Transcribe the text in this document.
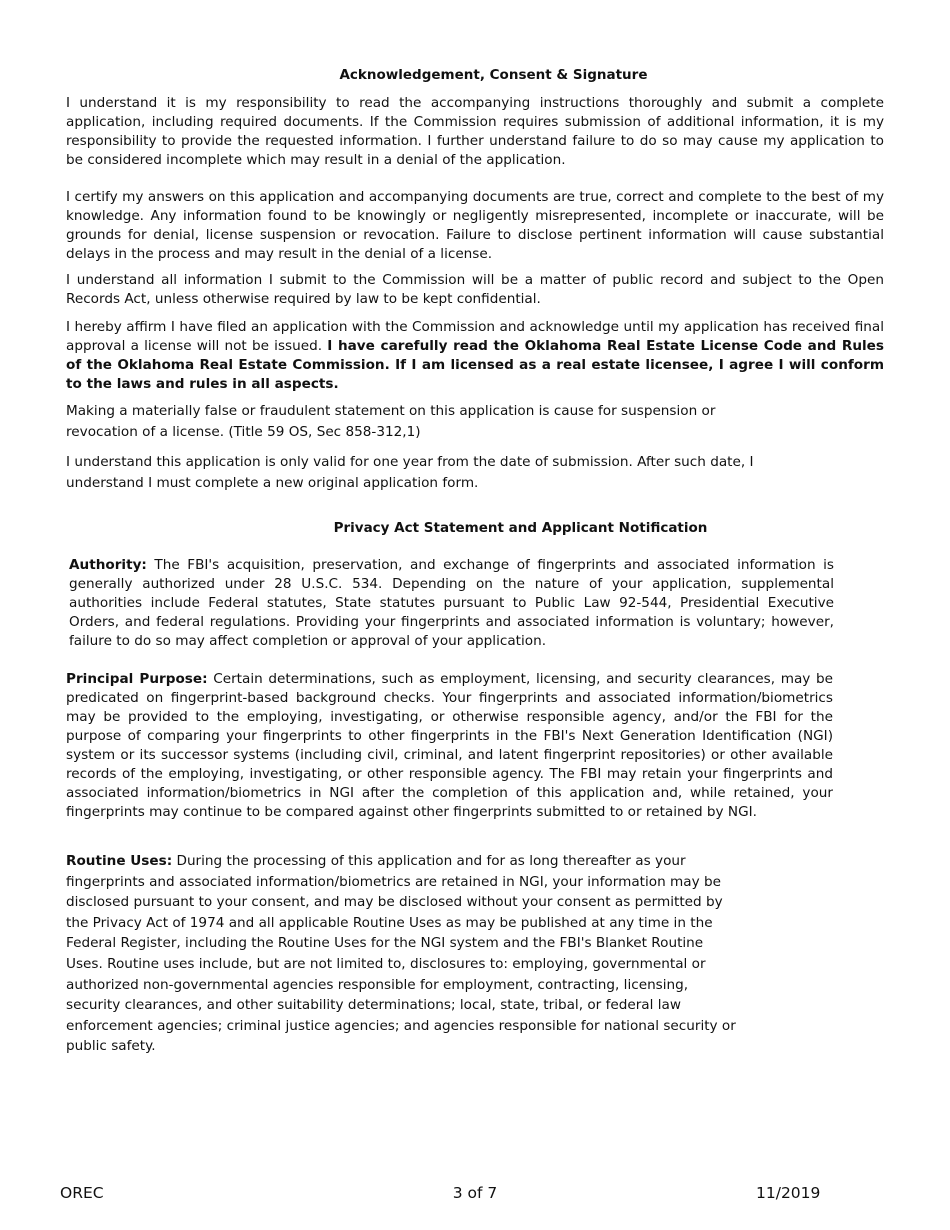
Acknowledgement, Consent & Signature
I understand it is my responsibility to read the accompanying instructions thoroughly and submit a complete application, including required documents. If the Commission requires submission of additional information, it is my responsibility to provide the requested information. I further understand failure to do so may cause my application to be considered incomplete which may result in a denial of the application.
I certify my answers on this application and accompanying documents are true, correct and complete to the best of my knowledge. Any information found to be knowingly or negligently misrepresented, incomplete or inaccurate, will be grounds for denial, license suspension or revocation. Failure to disclose pertinent information will cause substantial delays in the process and may result in the denial of a license.
I understand all information I submit to the Commission will be a matter of public record and subject to the Open Records Act, unless otherwise required by law to be kept confidential.
I hereby affirm I have filed an application with the Commission and acknowledge until my application has received final approval a license will not be issued. I have carefully read the Oklahoma Real Estate License Code and Rules of the Oklahoma Real Estate Commission. If I am licensed as a real estate licensee, I agree I will conform to the laws and rules in all aspects.
Making a materially false or fraudulent statement on this application is cause for suspension or
revocation of a license. (Title 59 OS, Sec 858-312,1)
I understand this application is only valid for one year from the date of submission. After such date, I
understand I must complete a new original application form.
Privacy Act Statement and Applicant Notification
Authority: The FBI's acquisition, preservation, and exchange of fingerprints and associated information is generally authorized under 28 U.S.C. 534. Depending on the nature of your application, supplemental authorities include Federal statutes, State statutes pursuant to Public Law 92-544, Presidential Executive Orders, and federal regulations. Providing your fingerprints and associated information is voluntary; however, failure to do so may affect completion or approval of your application.
Principal Purpose: Certain determinations, such as employment, licensing, and security clearances, may be predicated on fingerprint-based background checks. Your fingerprints and associated information/biometrics may be provided to the employing, investigating, or otherwise responsible agency, and/or the FBI for the purpose of comparing your fingerprints to other fingerprints in the FBI's Next Generation Identification (NGI) system or its successor systems (including civil, criminal, and latent fingerprint repositories) or other available records of the employing, investigating, or other responsible agency. The FBI may retain your fingerprints and associated information/biometrics in NGI after the completion of this application and, while retained, your fingerprints may continue to be compared against other fingerprints submitted to or retained by NGI.
Routine Uses: During the processing of this application and for as long thereafter as your
fingerprints and associated information/biometrics are retained in NGI, your information may be
disclosed pursuant to your consent, and may be disclosed without your consent as permitted by
the Privacy Act of 1974 and all applicable Routine Uses as may be published at any time in the
Federal Register, including the Routine Uses for the NGI system and the FBI's Blanket Routine
Uses. Routine uses include, but are not limited to, disclosures to: employing, governmental or
authorized non-governmental agencies responsible for employment, contracting, licensing,
security clearances, and other suitability determinations; local, state, tribal, or federal law
enforcement agencies; criminal justice agencies; and agencies responsible for national security or
public safety.
OREC	3 of 7	11/2019
